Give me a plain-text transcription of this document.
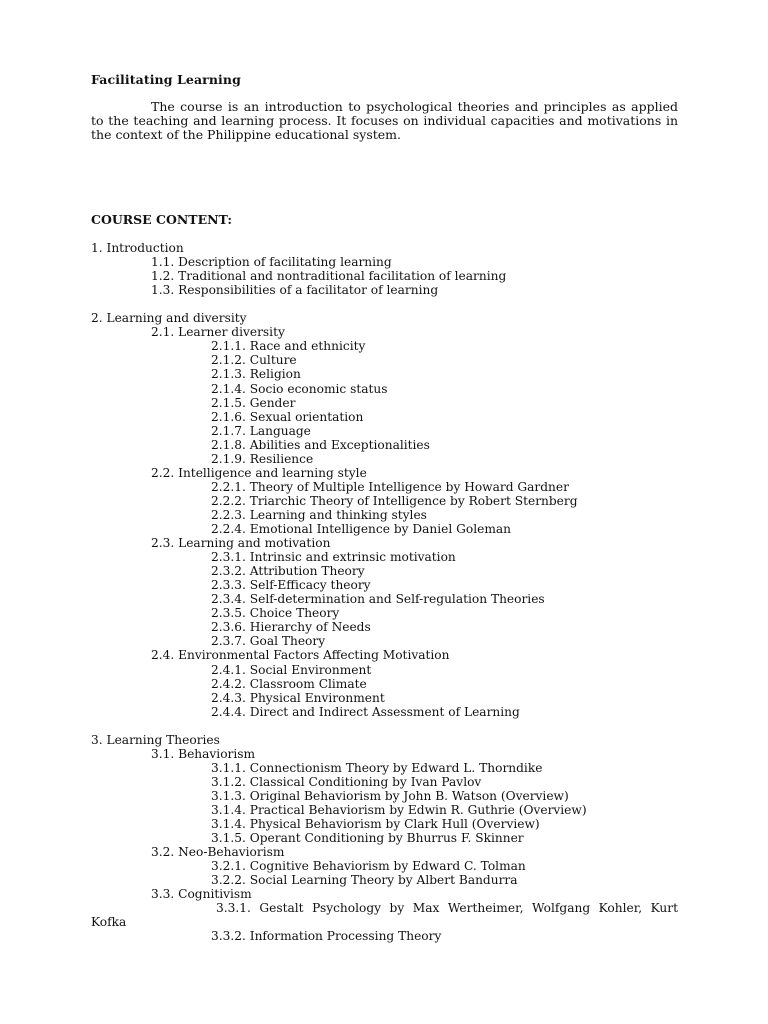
Facilitating Learning
The course is an introduction to psychological theories and principles as applied to the teaching and learning process. It focuses on individual capacities and motivations in the context of the Philippine educational system.
COURSE CONTENT:
1. Introduction
1.1. Description of facilitating learning
1.2. Traditional and nontraditional facilitation of learning
1.3. Responsibilities of a facilitator of learning
2. Learning and diversity
2.1. Learner diversity
2.1.1. Race and ethnicity
2.1.2. Culture
2.1.3. Religion
2.1.4. Socio economic status
2.1.5. Gender
2.1.6. Sexual orientation
2.1.7. Language
2.1.8. Abilities and Exceptionalities
2.1.9. Resilience
2.2. Intelligence and learning style
2.2.1. Theory of Multiple Intelligence by Howard Gardner
2.2.2. Triarchic Theory of Intelligence by Robert Sternberg
2.2.3. Learning and thinking styles
2.2.4. Emotional Intelligence by Daniel Goleman
2.3. Learning and motivation
2.3.1. Intrinsic and extrinsic motivation
2.3.2. Attribution Theory
2.3.3. Self-Efficacy theory
2.3.4. Self-determination and Self-regulation Theories
2.3.5. Choice Theory
2.3.6. Hierarchy of Needs
2.3.7. Goal Theory
2.4. Environmental Factors Affecting Motivation
2.4.1. Social Environment
2.4.2. Classroom Climate
2.4.3. Physical Environment
2.4.4. Direct and Indirect Assessment of Learning
3. Learning Theories
3.1. Behaviorism
3.1.1. Connectionism Theory by Edward L. Thorndike
3.1.2. Classical Conditioning by Ivan Pavlov
3.1.3. Original Behaviorism by John B. Watson (Overview)
3.1.4. Practical Behaviorism by Edwin R. Guthrie (Overview)
3.1.4. Physical Behaviorism by Clark Hull (Overview)
3.1.5. Operant Conditioning by Bhurrus F. Skinner
3.2. Neo-Behaviorism
3.2.1. Cognitive Behaviorism by Edward C. Tolman
3.2.2. Social Learning Theory by Albert Bandurra
3.3. Cognitivism
3.3.1. Gestalt Psychology by Max Wertheimer, Wolfgang Kohler, Kurt Kofka
3.3.2. Information Processing Theory
